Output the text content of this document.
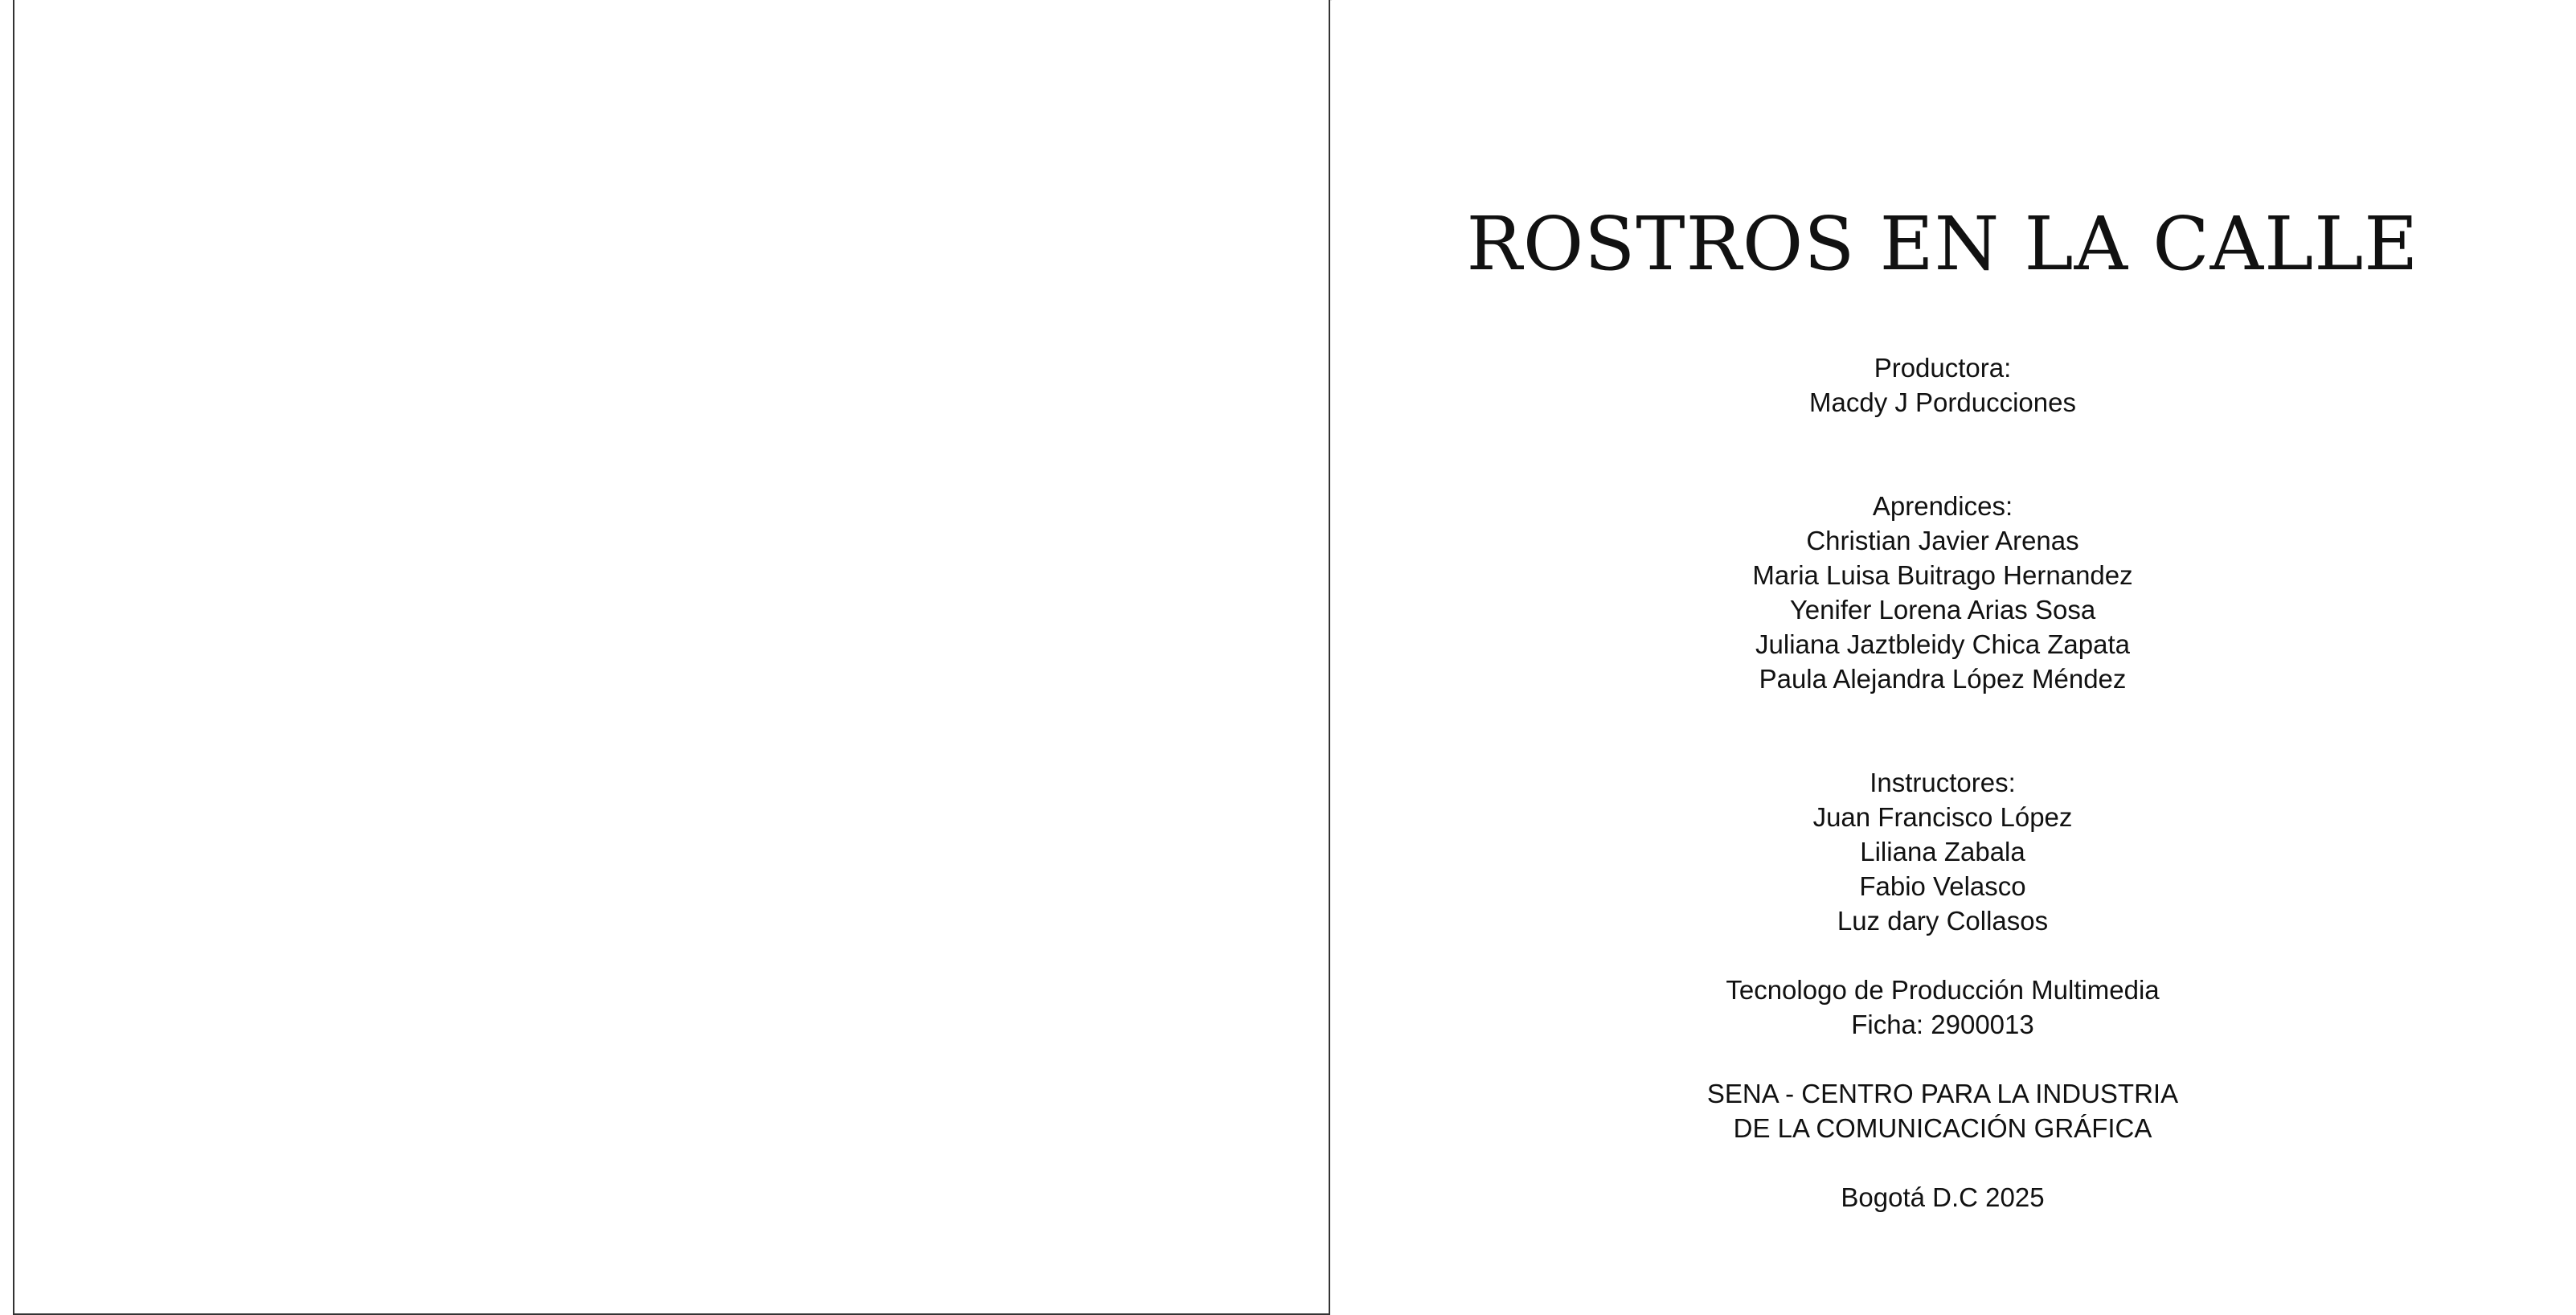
ROSTROS EN LA CALLE
Productora:
Macdy J Porducciones
Aprendices:
Christian Javier Arenas
Maria Luisa Buitrago Hernandez
Yenifer Lorena Arias Sosa
Juliana Jaztbleidy Chica Zapata
Paula Alejandra López Méndez
Instructores:
Juan Francisco López
Liliana Zabala
Fabio Velasco
Luz dary Collasos
Tecnologo de Producción Multimedia
Ficha: 2900013
SENA - CENTRO PARA LA INDUSTRIA
DE LA COMUNICACIÓN GRÁFICA
Bogotá D.C 2025
